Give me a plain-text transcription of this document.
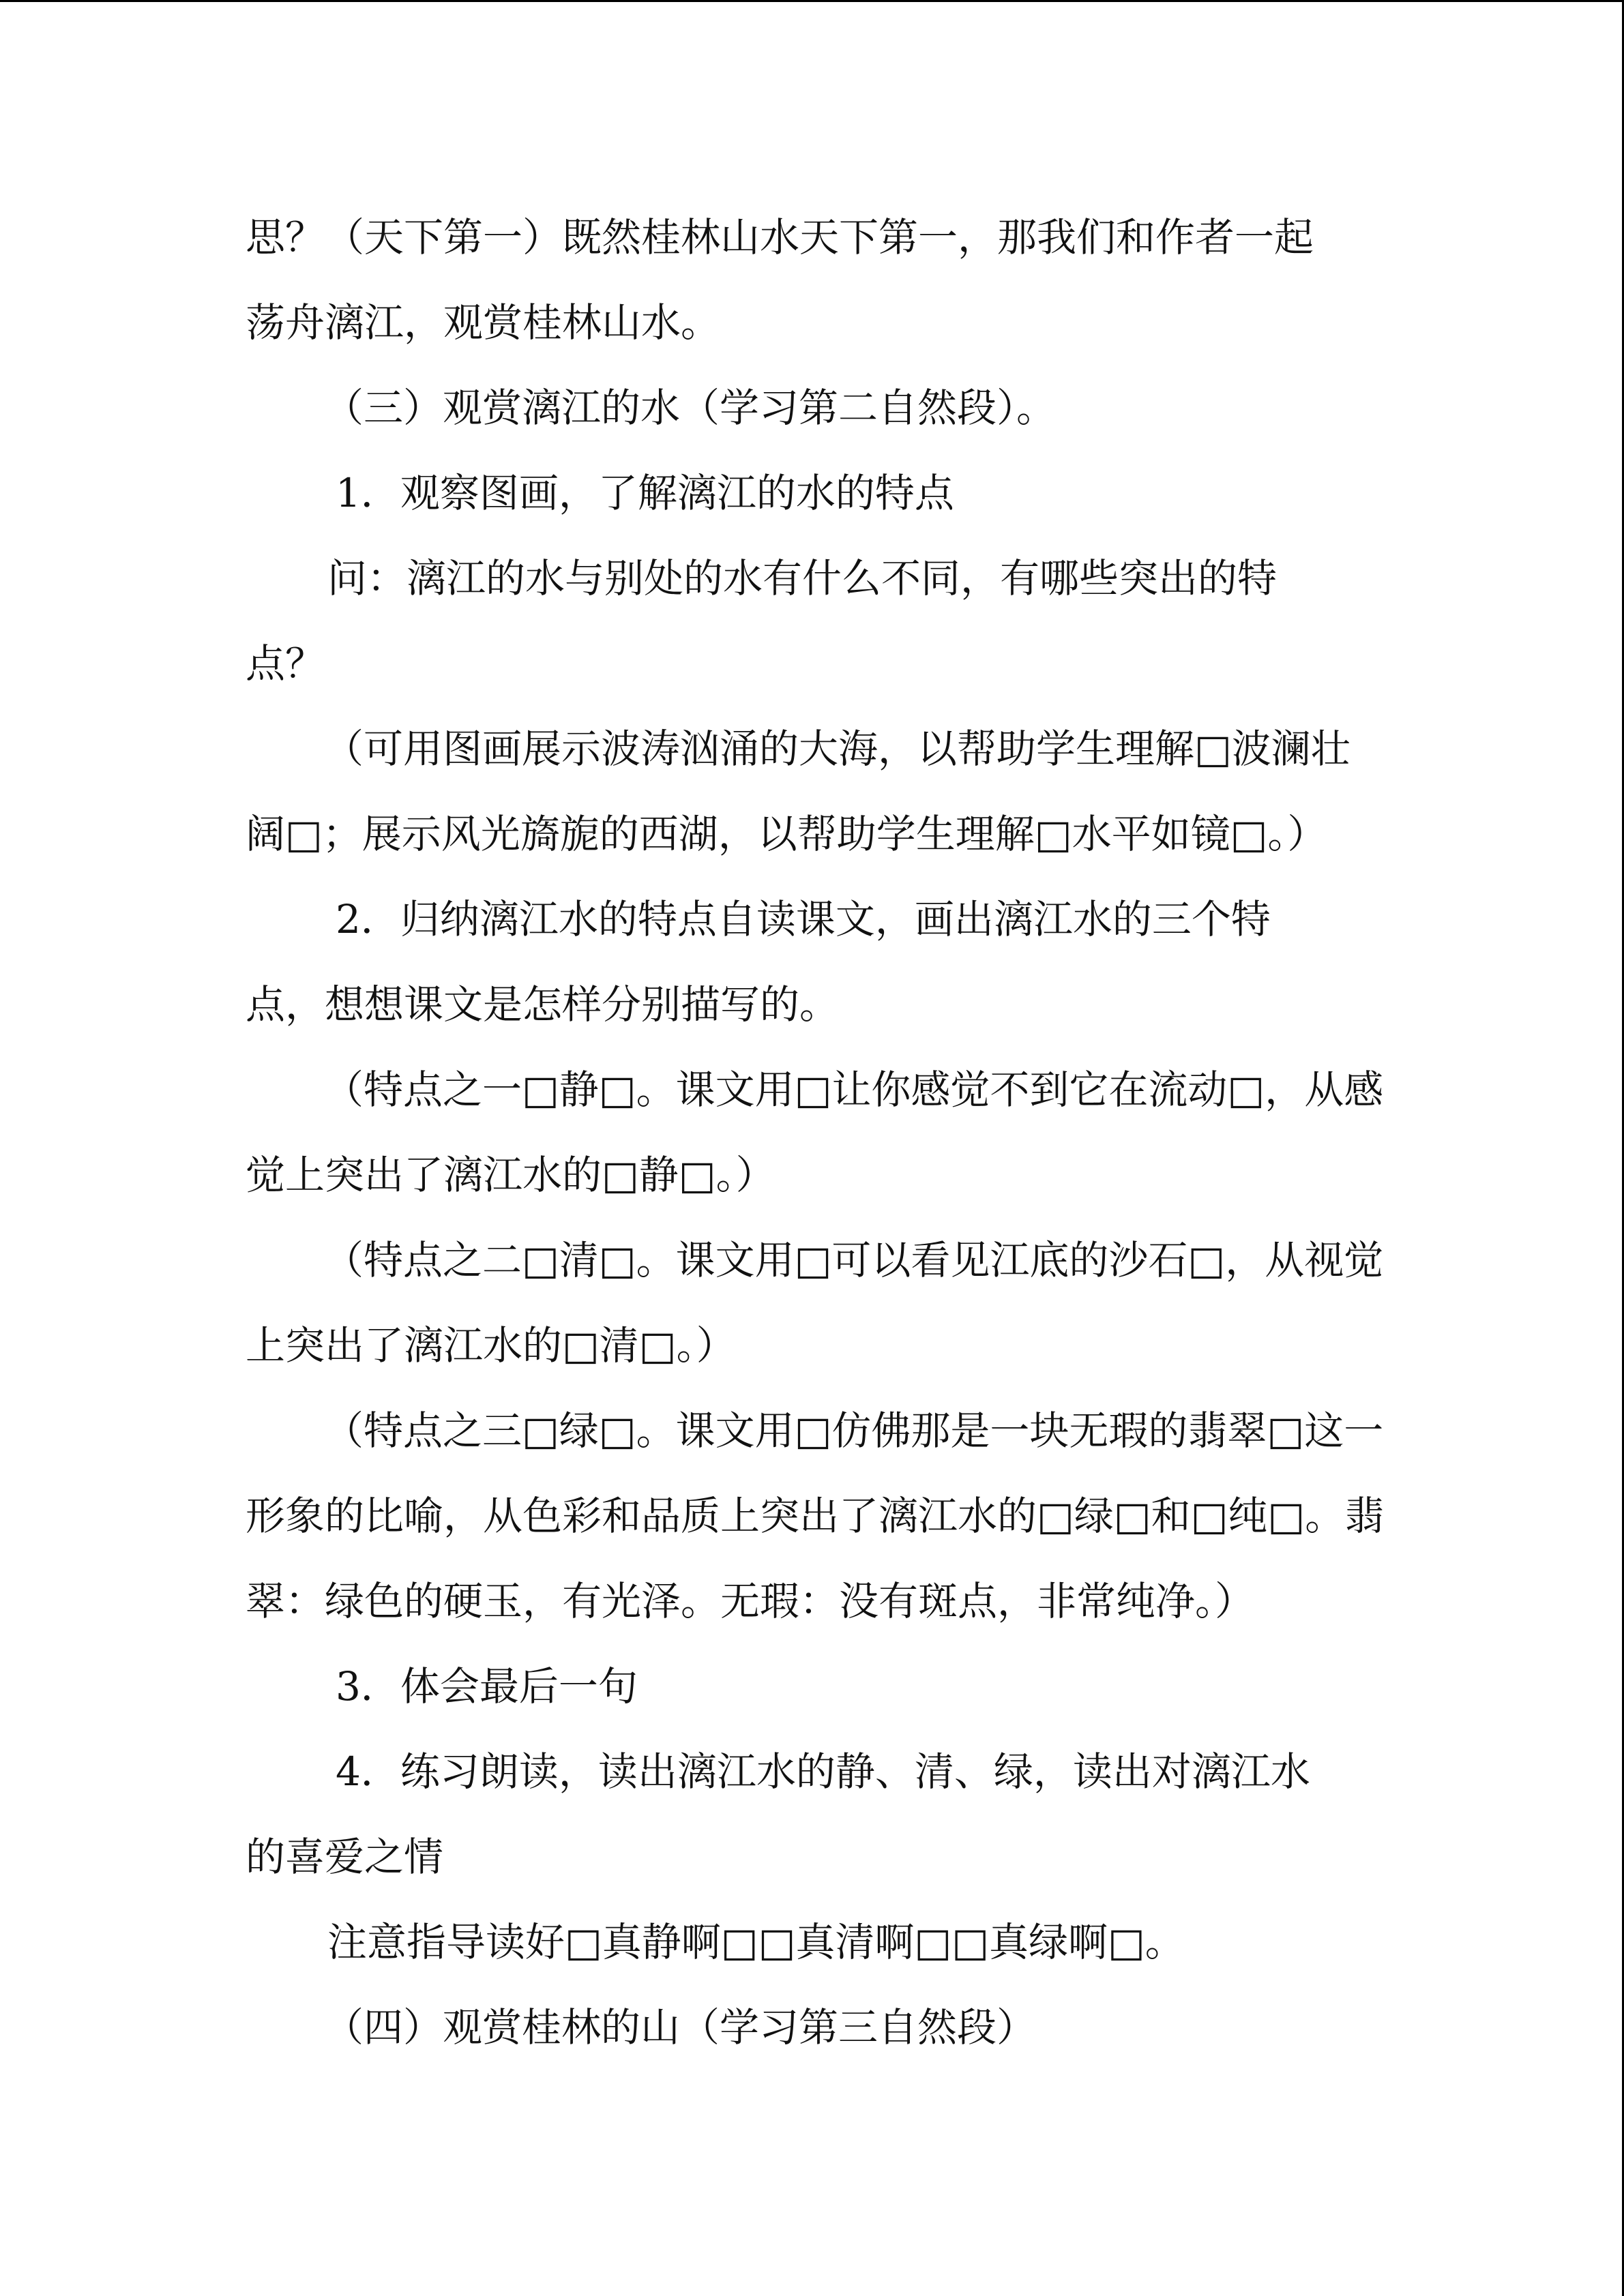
思？（天下第一）既然桂林山水天下第一，那我们和作者一起
荡舟漓江，观赏桂林山水。
（三）观赏漓江的水（学习第二自然段）。
1．观察图画，了解漓江的水的特点
问：漓江的水与别处的水有什么不同，有哪些突出的特
点？
（可用图画展示波涛汹涌的大海，以帮助学生理解□波澜壮
阔□；展示风光旖旎的西湖，以帮助学生理解□水平如镜□。）
2．归纳漓江水的特点自读课文，画出漓江水的三个特
点，想想课文是怎样分别描写的。
（特点之一□静□。课文用□让你感觉不到它在流动□，从感
觉上突出了漓江水的□静□。）
（特点之二□清□。课文用□可以看见江底的沙石□，从视觉
上突出了漓江水的□清□。）
（特点之三□绿□。课文用□仿佛那是一块无瑕的翡翠□这一
形象的比喻，从色彩和品质上突出了漓江水的□绿□和□纯□。翡
翠：绿色的硬玉，有光泽。无瑕：没有斑点，非常纯净。）
3．体会最后一句
4．练习朗读，读出漓江水的静、清、绿，读出对漓江水
的喜爱之情
注意指导读好□真静啊□□真清啊□□真绿啊□。
（四）观赏桂林的山（学习第三自然段）
